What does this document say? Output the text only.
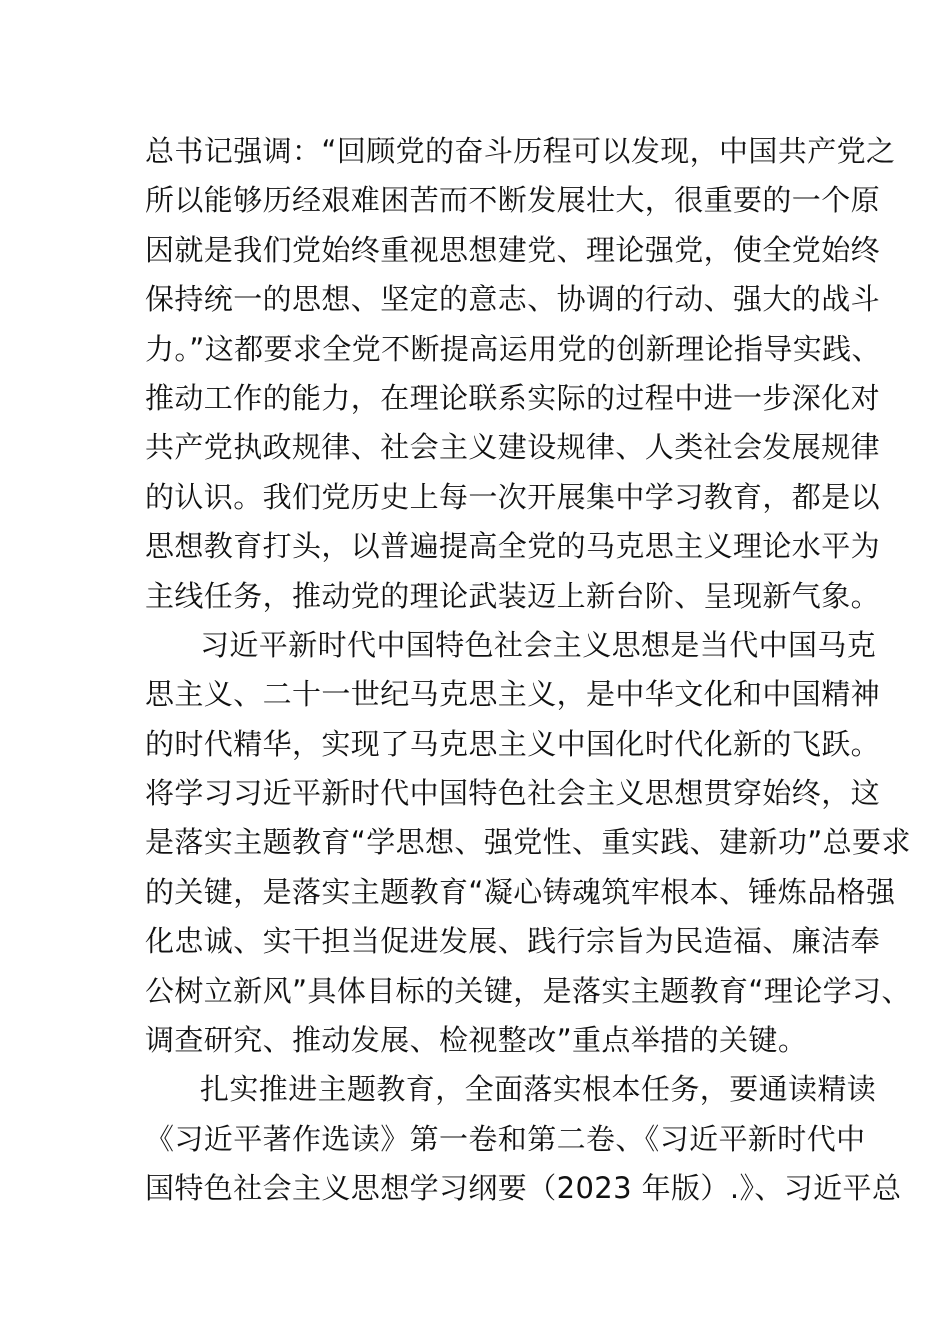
总书记强调：“回顾党的奋斗历程可以发现，中国共产党之
所以能够历经艰难困苦而不断发展壮大，很重要的一个原
因就是我们党始终重视思想建党、理论强党，使全党始终
保持统一的思想、坚定的意志、协调的行动、强大的战斗
力。”这都要求全党不断提高运用党的创新理论指导实践、
推动工作的能力，在理论联系实际的过程中进一步深化对
共产党执政规律、社会主义建设规律、人类社会发展规律
的认识。我们党历史上每一次开展集中学习教育，都是以
思想教育打头，以普遍提高全党的马克思主义理论水平为
主线任务，推动党的理论武装迈上新台阶、呈现新气象。
习近平新时代中国特色社会主义思想是当代中国马克
思主义、二十一世纪马克思主义，是中华文化和中国精神
的时代精华，实现了马克思主义中国化时代化新的飞跃。
将学习习近平新时代中国特色社会主义思想贯穿始终，这
是落实主题教育“学思想、强党性、重实践、建新功”总要求
的关键，是落实主题教育“凝心铸魂筑牢根本、锤炼品格强
化忠诚、实干担当促进发展、践行宗旨为民造福、廉洁奉
公树立新风”具体目标的关键，是落实主题教育“理论学习、
调查研究、推动发展、检视整改”重点举措的关键。
扎实推进主题教育，全面落实根本任务，要通读精读
《习近平著作选读》第一卷和第二卷、《习近平新时代中
国特色社会主义思想学习纲要（2023 年版）.》、习近平总
